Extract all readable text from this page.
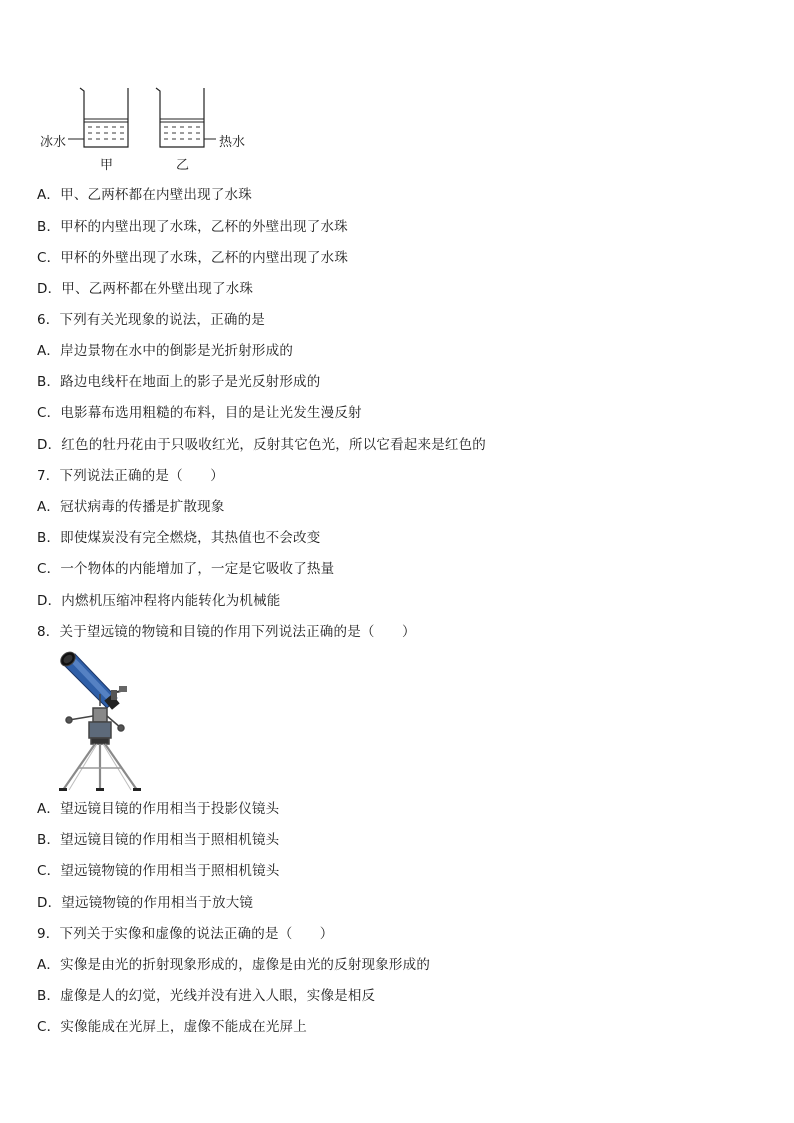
冰水	热水
甲	乙
A．甲、乙两杯都在内壁出现了水珠
B．甲杯的内壁出现了水珠，乙杯的外壁出现了水珠
C．甲杯的外壁出现了水珠，乙杯的内壁出现了水珠
D．甲、乙两杯都在外壁出现了水珠
6．下列有关光现象的说法，正确的是
A．岸边景物在水中的倒影是光折射形成的
B．路边电线杆在地面上的影子是光反射形成的
C．电影幕布选用粗糙的布料，目的是让光发生漫反射
D．红色的牡丹花由于只吸收红光，反射其它色光，所以它看起来是红色的
7．下列说法正确的是（　　）
A．冠状病毒的传播是扩散现象
B．即使煤炭没有完全燃烧，其热值也不会改变
C．一个物体的内能增加了，一定是它吸收了热量
D．内燃机压缩冲程将内能转化为机械能
8．关于望远镜的物镜和目镜的作用下列说法正确的是（　　）
A．望远镜目镜的作用相当于投影仪镜头
B．望远镜目镜的作用相当于照相机镜头
C．望远镜物镜的作用相当于照相机镜头
D．望远镜物镜的作用相当于放大镜
9．下列关于实像和虚像的说法正确的是（　　）
A．实像是由光的折射现象形成的，虚像是由光的反射现象形成的
B．虚像是人的幻觉，光线并没有进入人眼，实像是相反
C．实像能成在光屏上，虚像不能成在光屏上
